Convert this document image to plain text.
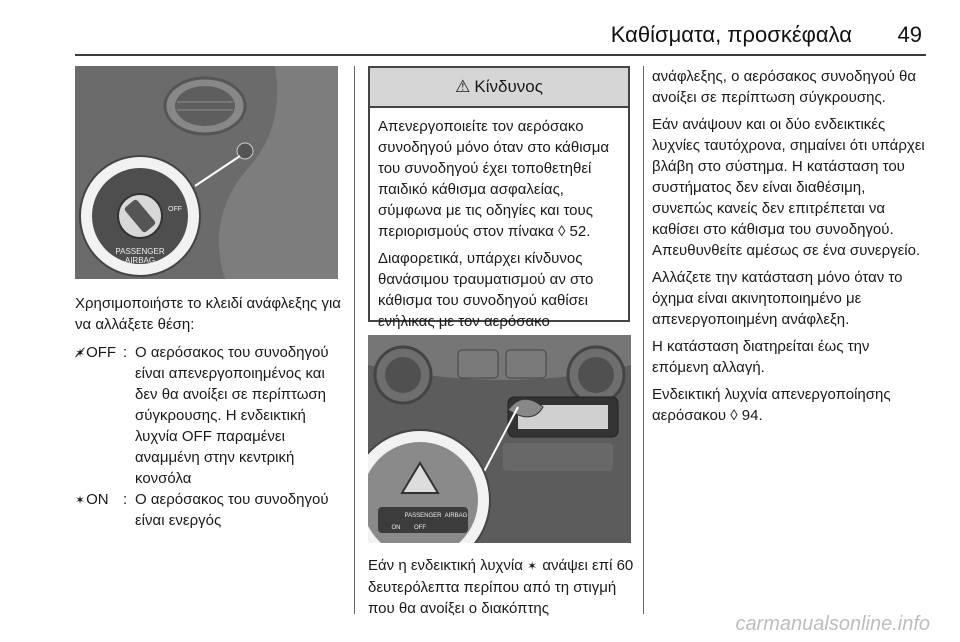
Καθίσματα, προσκέφαλα 49
PASSENGER
AIRBAG
OFF
Χρησιμοποιήστε το κλειδί ανάφλεξης για να αλλάξετε θέση:
✶̸ OFF : Ο αερόσακος του συνοδηγού είναι απενεργοποιημένος και δεν θα ανοίξει σε περίπτωση σύγκρουσης. Η ενδεικτική λυχνία OFF παραμένει αναμμένη στην κεντρική κονσόλα
✶ ON : Ο αερόσακος του συνοδηγού είναι ενεργός
⚠ Κίνδυνος

Απενεργοποιείτε τον αερόσακο συνοδηγού μόνο όταν στο κάθισμα του συνοδηγού έχει τοποθετηθεί παιδικό κάθισμα ασφαλείας, σύμφωνα με τις οδηγίες και τους περιορισμούς στον πίνακα ◊ 52.

Διαφορετικά, υπάρχει κίνδυνος θανάσιμου τραυματισμού αν στο κάθισμα του συνοδηγού καθίσει ενήλικας με τον αερόσακο

PASSENGER AIRBAG
ON OFF
Εάν η ενδεικτική λυχνία ✶ ανάψει επί 60 δευτερόλεπτα περίπου από τη στιγμή που θα ανοίξει ο διακόπτης

ανάφλεξης, ο αερόσακος συνοδηγού θα ανοίξει σε περίπτωση σύγκρουσης.

Εάν ανάψουν και οι δύο ενδεικτικές λυχνίες ταυτόχρονα, σημαίνει ότι υπάρχει βλάβη στο σύστημα. Η κατάσταση του συστήματος δεν είναι διαθέσιμη, συνεπώς κανείς δεν επιτρέπεται να καθίσει στο κάθισμα του συνοδηγού. Απευθυνθείτε αμέσως σε ένα συνεργείο.

Αλλάζετε την κατάσταση μόνο όταν το όχημα είναι ακινητοποιημένο με απενεργοποιημένη ανάφλεξη.

Η κατάσταση διατηρείται έως την επόμενη αλλαγή.

Ενδεικτική λυχνία απενεργοποίησης αερόσακου ◊ 94.

carmanualsonline.info
